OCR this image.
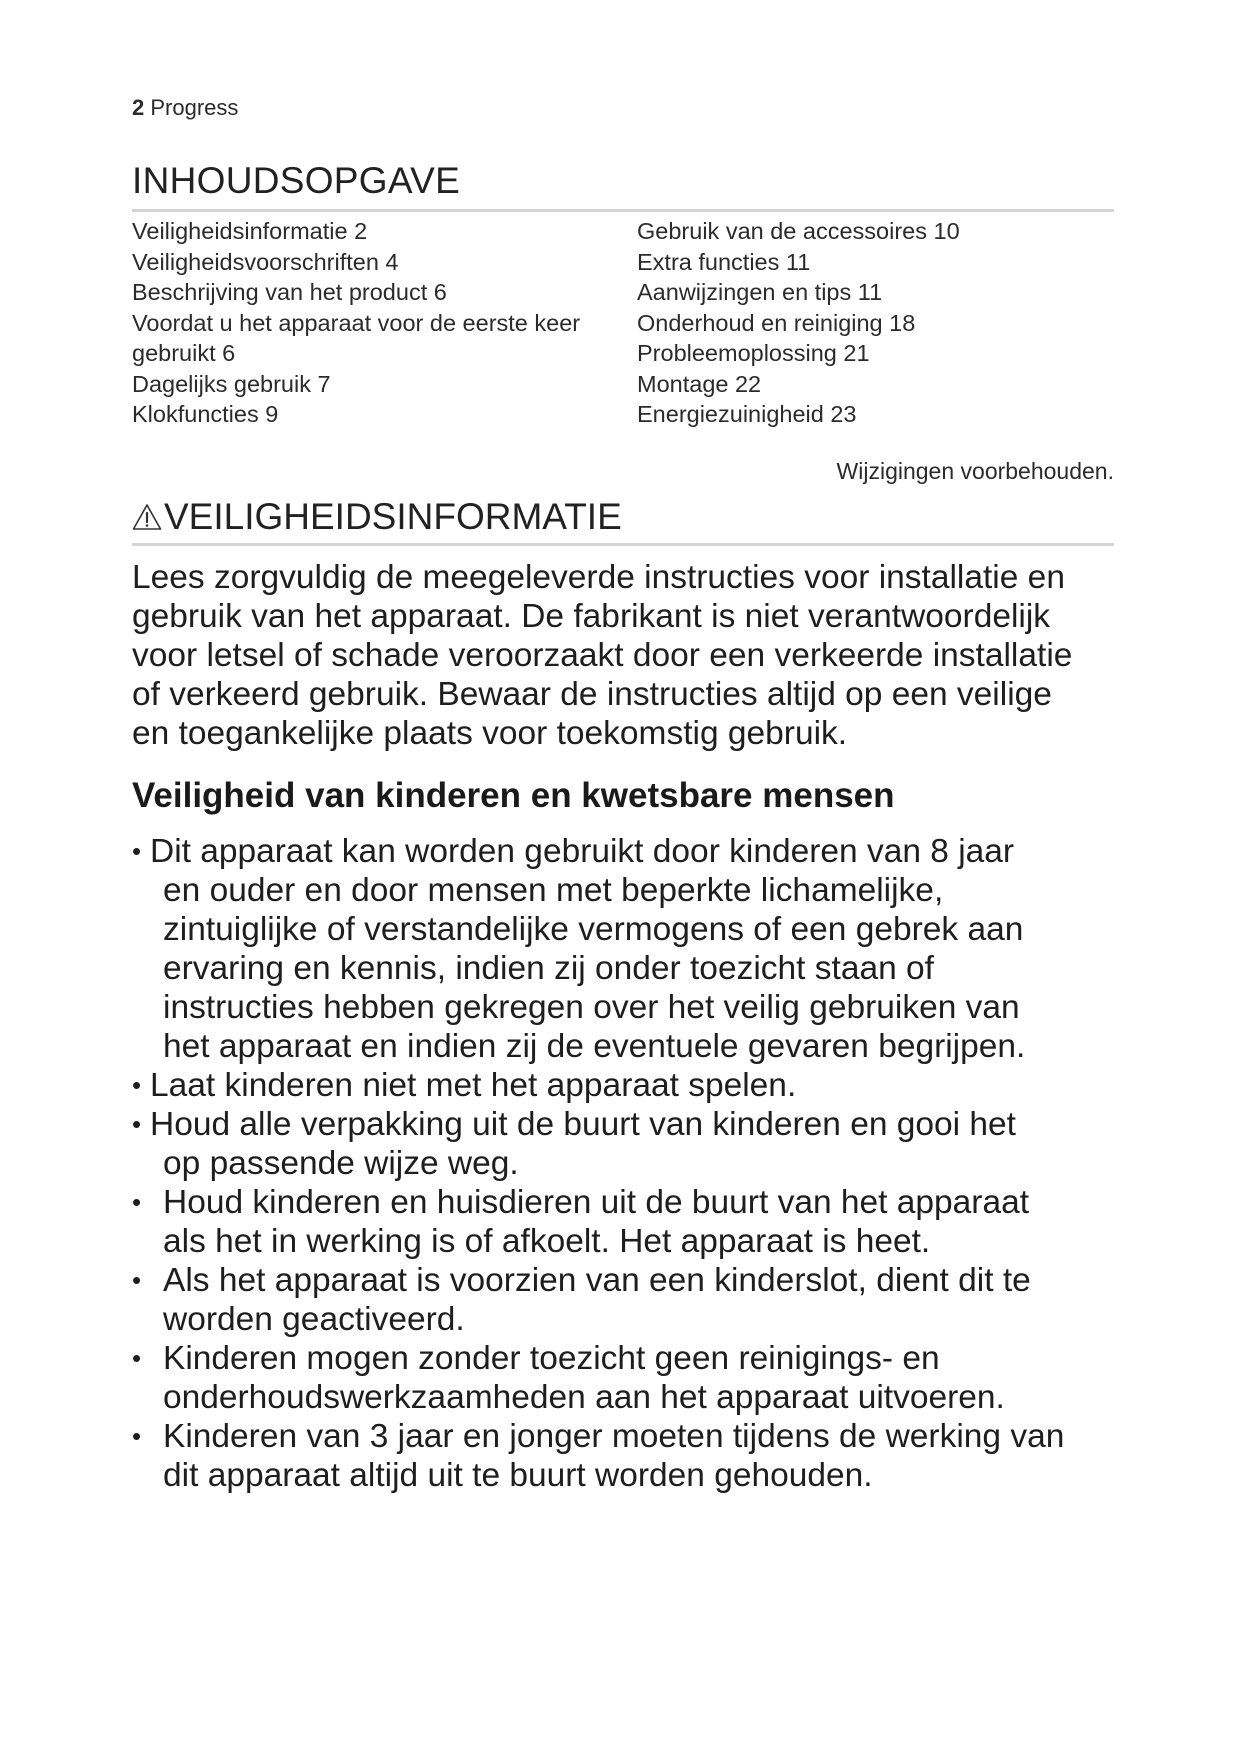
2 Progress
INHOUDSOPGAVE
Veiligheidsinformatie 2
Veiligheidsvoorschriften 4
Beschrijving van het product 6
Voordat u het apparaat voor de eerste keer
gebruikt 6
Dagelijks gebruik 7
Klokfuncties 9
Gebruik van de accessoires 10
Extra functies 11
Aanwijzingen en tips 11
Onderhoud en reiniging 18
Probleemoplossing 21
Montage 22
Energiezuinigheid 23
Wijzigingen voorbehouden.
VEILIGHEIDSINFORMATIE

Lees zorgvuldig de meegeleverde instructies voor installatie en
gebruik van het apparaat. De fabrikant is niet verantwoordelijk
voor letsel of schade veroorzaakt door een verkeerde installatie
of verkeerd gebruik. Bewaar de instructies altijd op een veilige
en toegankelijke plaats voor toekomstig gebruik.

Veiligheid van kinderen en kwetsbare mensen
• Dit apparaat kan worden gebruikt door kinderen van 8 jaar
en ouder en door mensen met beperkte lichamelijke,
zintuiglijke of verstandelijke vermogens of een gebrek aan
ervaring en kennis, indien zij onder toezicht staan of
instructies hebben gekregen over het veilig gebruiken van
het apparaat en indien zij de eventuele gevaren begrijpen.
• Laat kinderen niet met het apparaat spelen.
• Houd alle verpakking uit de buurt van kinderen en gooi het
op passende wijze weg.
• Houd kinderen en huisdieren uit de buurt van het apparaat
als het in werking is of afkoelt. Het apparaat is heet.
• Als het apparaat is voorzien van een kinderslot, dient dit te
worden geactiveerd.
• Kinderen mogen zonder toezicht geen reinigings- en
onderhoudswerkzaamheden aan het apparaat uitvoeren.
• Kinderen van 3 jaar en jonger moeten tijdens de werking van
dit apparaat altijd uit te buurt worden gehouden.
